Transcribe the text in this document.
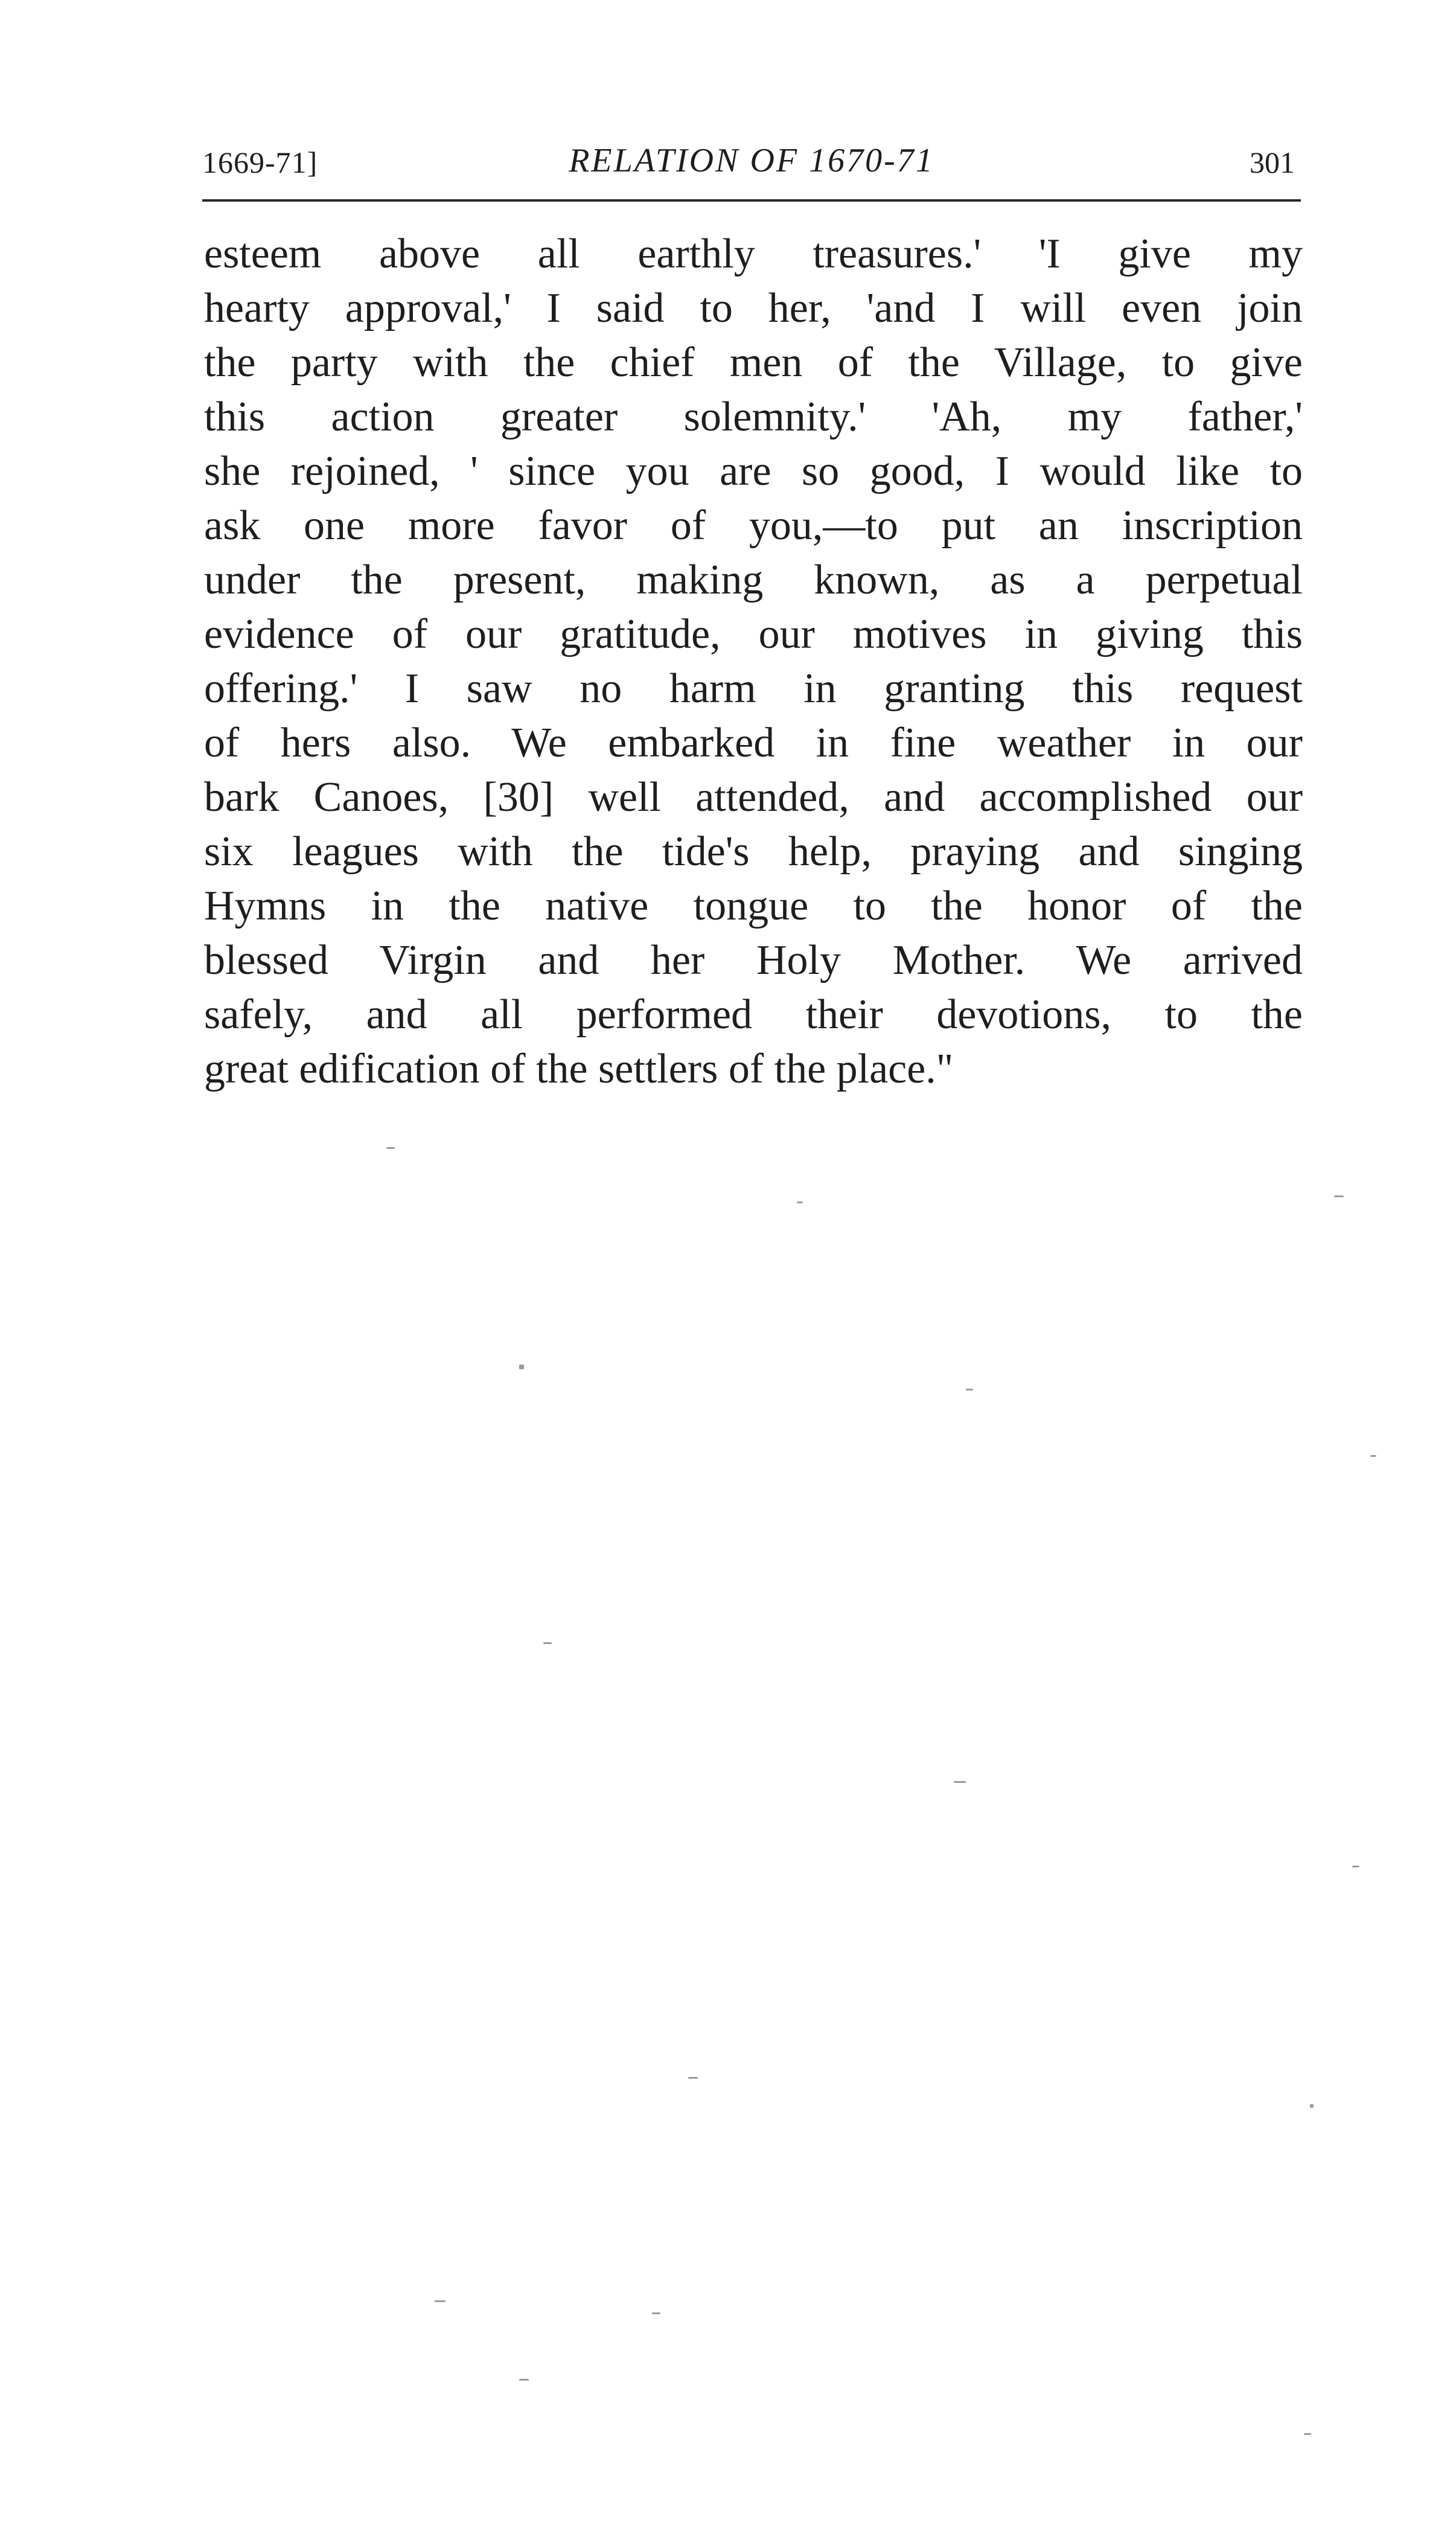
1669-71]	RELATION OF 1670-71	301
esteem above all earthly treasures.' 'I give my
hearty approval,' I said to her, 'and I will even join
the party with the chief men of the Village, to give
this action greater solemnity.' 'Ah, my father,'
she rejoined, ' since you are so good, I would like to
ask one more favor of you,—to put an inscription
under the present, making known, as a perpetual
evidence of our gratitude, our motives in giving this
offering.' I saw no harm in granting this request
of hers also. We embarked in fine weather in our
bark Canoes, [30] well attended, and accomplished our
six leagues with the tide's help, praying and singing
Hymns in the native tongue to the honor of the
blessed Virgin and her Holy Mother. We arrived
safely, and all performed their devotions, to the
great edification of the settlers of the place."
